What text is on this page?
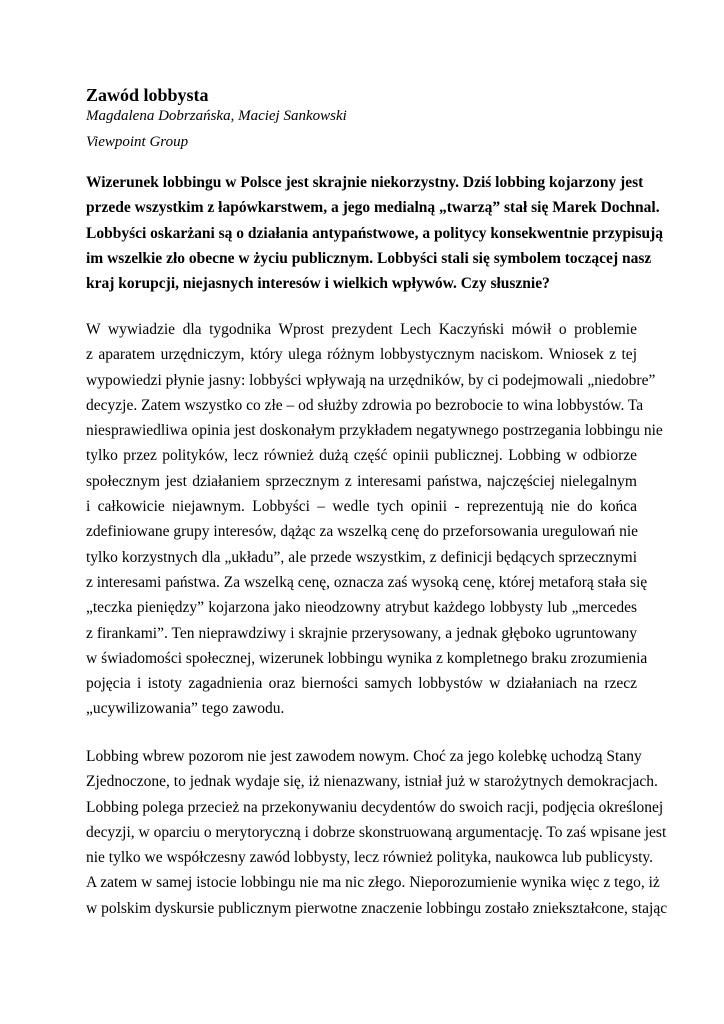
Zawód lobbysta

Magdalena Dobrzańska, Maciej Sankowski

Viewpoint Group

Wizerunek lobbingu w Polsce jest skrajnie niekorzystny. Dziś lobbing kojarzony jest
przede wszystkim z łapówkarstwem, a jego medialną „twarzą” stał się Marek Dochnal.
Lobbyści oskarżani są o działania antypaństwowe, a politycy konsekwentnie przypisują
im wszelkie zło obecne w życiu publicznym. Lobbyści stali się symbolem toczącej nasz
kraj korupcji, niejasnych interesów i wielkich wpływów. Czy słusznie?
W wywiadzie dla tygodnika Wprost prezydent Lech Kaczyński mówił o problemie
z aparatem urzędniczym, który ulega różnym lobbystycznym naciskom. Wniosek z tej
wypowiedzi płynie jasny: lobbyści wpływają na urzędników, by ci podejmowali „niedobre”
decyzje. Zatem wszystko co złe – od służby zdrowia po bezrobocie to wina lobbystów. Ta
niesprawiedliwa opinia jest doskonałym przykładem negatywnego postrzegania lobbingu nie
tylko przez polityków, lecz również dużą część opinii publicznej. Lobbing w odbiorze
społecznym jest działaniem sprzecznym z interesami państwa, najczęściej nielegalnym
i całkowicie niejawnym. Lobbyści – wedle tych opinii - reprezentują nie do końca
zdefiniowane grupy interesów, dążąc za wszelką cenę do przeforsowania uregulowań nie
tylko korzystnych dla „układu”, ale przede wszystkim, z definicji będących sprzecznymi
z interesami państwa. Za wszelką cenę, oznacza zaś wysoką cenę, której metaforą stała się
„teczka pieniędzy” kojarzona jako nieodzowny atrybut każdego lobbysty lub „mercedes
z firankami”. Ten nieprawdziwy i skrajnie przerysowany, a jednak głęboko ugruntowany
w świadomości społecznej, wizerunek lobbingu wynika z kompletnego braku zrozumienia
pojęcia i istoty zagadnienia oraz bierności samych lobbystów w działaniach na rzecz
„ucywilizowania” tego zawodu.
Lobbing wbrew pozorom nie jest zawodem nowym. Choć za jego kolebkę uchodzą Stany
Zjednoczone, to jednak wydaje się, iż nienazwany, istniał już w starożytnych demokracjach.
Lobbing polega przecież na przekonywaniu decydentów do swoich racji, podjęcia określonej
decyzji, w oparciu o merytoryczną i dobrze skonstruowaną argumentację. To zaś wpisane jest
nie tylko we współczesny zawód lobbysty, lecz również polityka, naukowca lub publicysty.
A zatem w samej istocie lobbingu nie ma nic złego. Nieporozumienie wynika więc z tego, iż
w polskim dyskursie publicznym pierwotne znaczenie lobbingu zostało zniekształcone, stając
